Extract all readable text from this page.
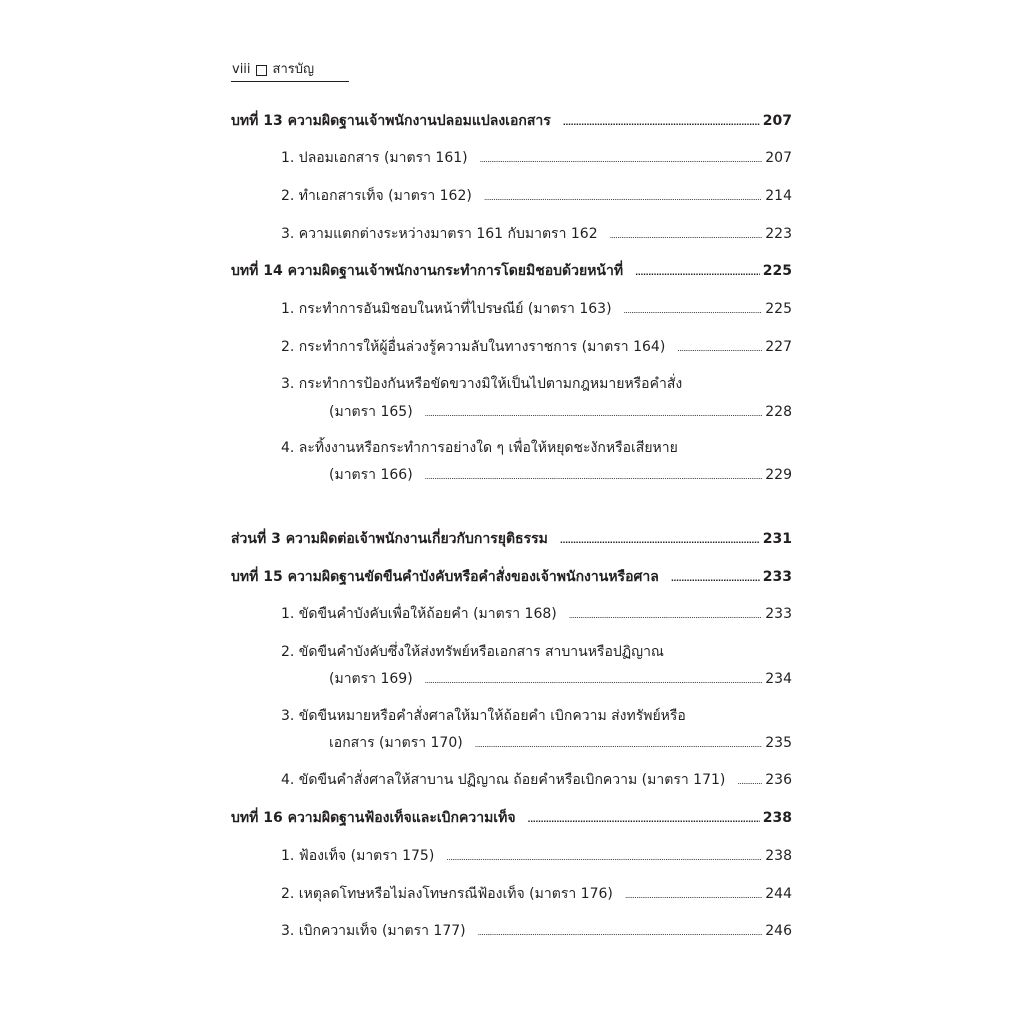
viii สารบัญ
บทที่ 13 ความผิดฐานเจ้าพนักงานปลอมแปลงเอกสาร . . .	207
1. ปลอมเอกสาร (มาตรา 161) . . .	207
2. ทำเอกสารเท็จ (มาตรา 162) . . .	214
3. ความแตกต่างระหว่างมาตรา 161 กับมาตรา 162 . . .	223
บทที่ 14 ความผิดฐานเจ้าพนักงานกระทำการโดยมิชอบด้วยหน้าที่ . . .	225
1. กระทำการอันมิชอบในหน้าที่ไปรษณีย์ (มาตรา 163) . . .	225
2. กระทำการให้ผู้อื่นล่วงรู้ความลับในทางราชการ (มาตรา 164) . . .	227
3. กระทำการป้องกันหรือขัดขวางมิให้เป็นไปตามกฎหมายหรือคำสั่ง
(มาตรา 165) . . .	228
4. ละทิ้งงานหรือกระทำการอย่างใด ๆ เพื่อให้หยุดชะงักหรือเสียหาย
(มาตรา 166) . . .	229
ส่วนที่ 3 ความผิดต่อเจ้าพนักงานเกี่ยวกับการยุติธรรม . . .	231
บทที่ 15 ความผิดฐานขัดขืนคำบังคับหรือคำสั่งของเจ้าพนักงานหรือศาล . . .	233
1. ขัดขืนคำบังคับเพื่อให้ถ้อยคำ (มาตรา 168) . . .	233
2. ขัดขืนคำบังคับซึ่งให้ส่งทรัพย์หรือเอกสาร สาบานหรือปฏิญาณ
(มาตรา 169) . . .	234
3. ขัดขืนหมายหรือคำสั่งศาลให้มาให้ถ้อยคำ เบิกความ ส่งทรัพย์หรือ
เอกสาร (มาตรา 170) . . .	235
4. ขัดขืนคำสั่งศาลให้สาบาน ปฏิญาณ ถ้อยคำหรือเบิกความ (มาตรา 171) . . .	236
บทที่ 16 ความผิดฐานฟ้องเท็จและเบิกความเท็จ . . .	238
1. ฟ้องเท็จ (มาตรา 175) . . .	238
2. เหตุลดโทษหรือไม่ลงโทษกรณีฟ้องเท็จ (มาตรา 176) . . .	244
3. เบิกความเท็จ (มาตรา 177) . . .	246
